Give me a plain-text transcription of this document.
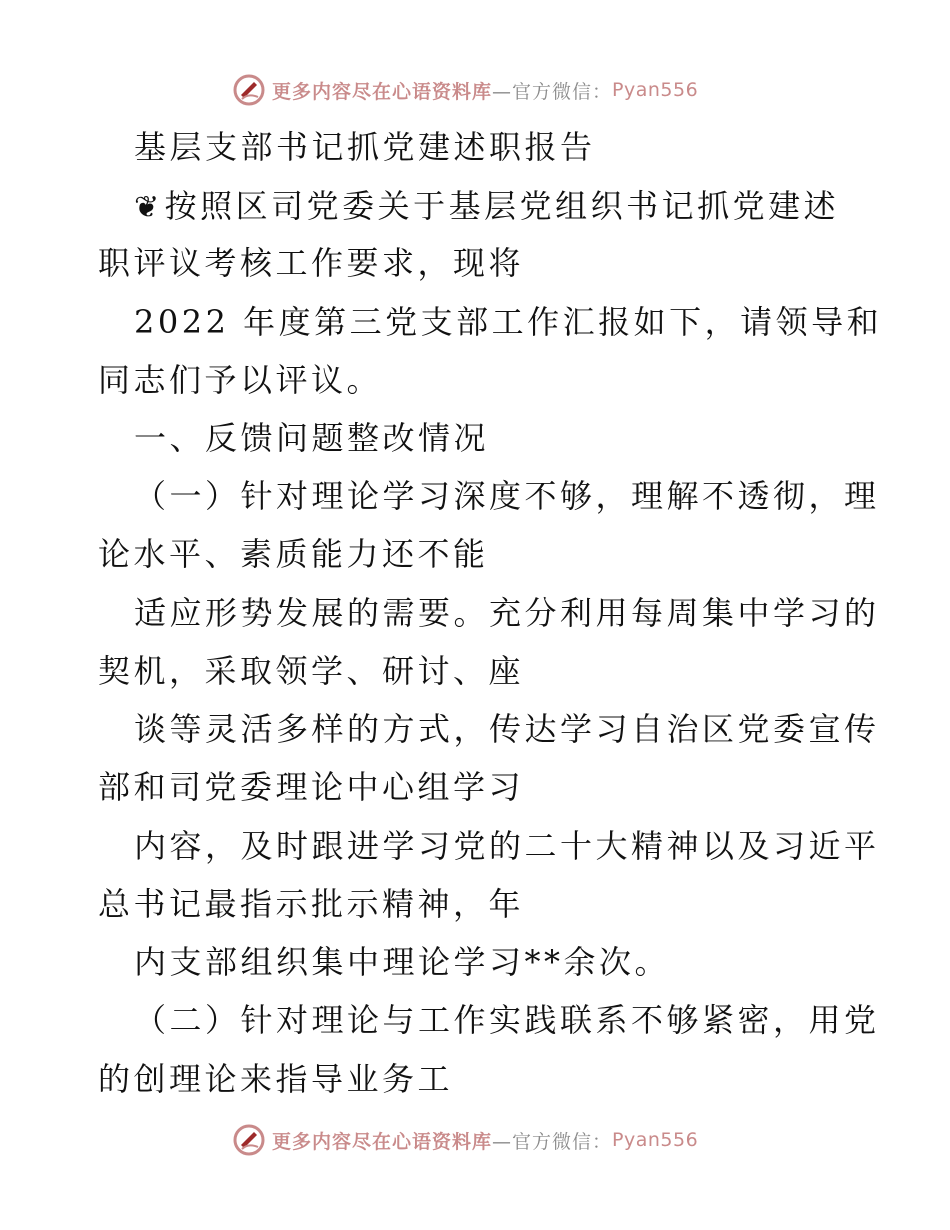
更多内容尽在心语资料库 —官方微信： Pyan556
基层支部书记抓党建述职报告
❦按照区司党委关于基层党组织书记抓党建述
职评议考核工作要求，现将
2022 年度第三党支部工作汇报如下，请领导和
同志们予以评议。
一、反馈问题整改情况
（一）针对理论学习深度不够，理解不透彻，理
论水平、素质能力还不能
适应形势发展的需要。充分利用每周集中学习的
契机，采取领学、研讨、座
谈等灵活多样的方式，传达学习自治区党委宣传
部和司党委理论中心组学习
内容，及时跟进学习党的二十大精神以及习近平
总书记最指示批示精神，年
内支部组织集中理论学习**余次。
（二）针对理论与工作实践联系不够紧密，用党
的创理论来指导业务工
更多内容尽在心语资料库 —官方微信： Pyan556
